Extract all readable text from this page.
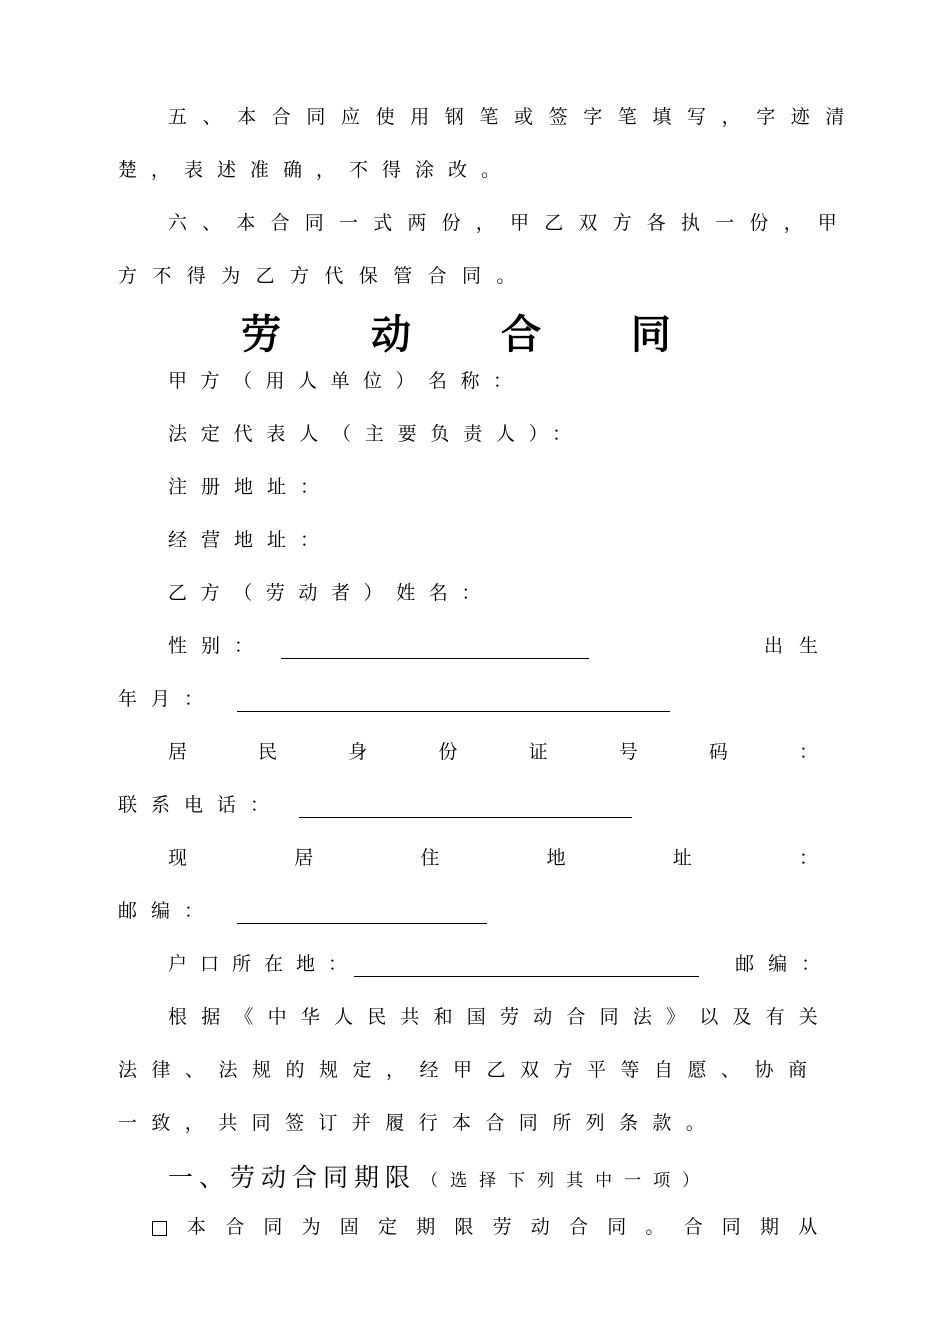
五、本合同应使用钢笔或签字笔填写，字迹清
楚，表述准确，不得涂改。
六、本合同一式两份，甲乙双方各执一份，甲
方不得为乙方代保管合同。
劳 动 合 同
甲方（用人单位）名称：
法定代表人（主要负责人）：
注册地址：
经营地址：
乙方（劳动者）姓名：
性别：	出生
年月：
居	民	身	份	证	号	码	：
联系电话：
现	居	住	地	址	：
邮编：
户口所在地：	邮编：
根据《中华人民共和国劳动合同法》以及有关
法律、法规的规定，经甲乙双方平等自愿、协商
一致，共同签订并履行本合同所列条款。
一、劳动合同期限 （选择下列其中一项）
本合同为固定期限劳动合同。合同期从
